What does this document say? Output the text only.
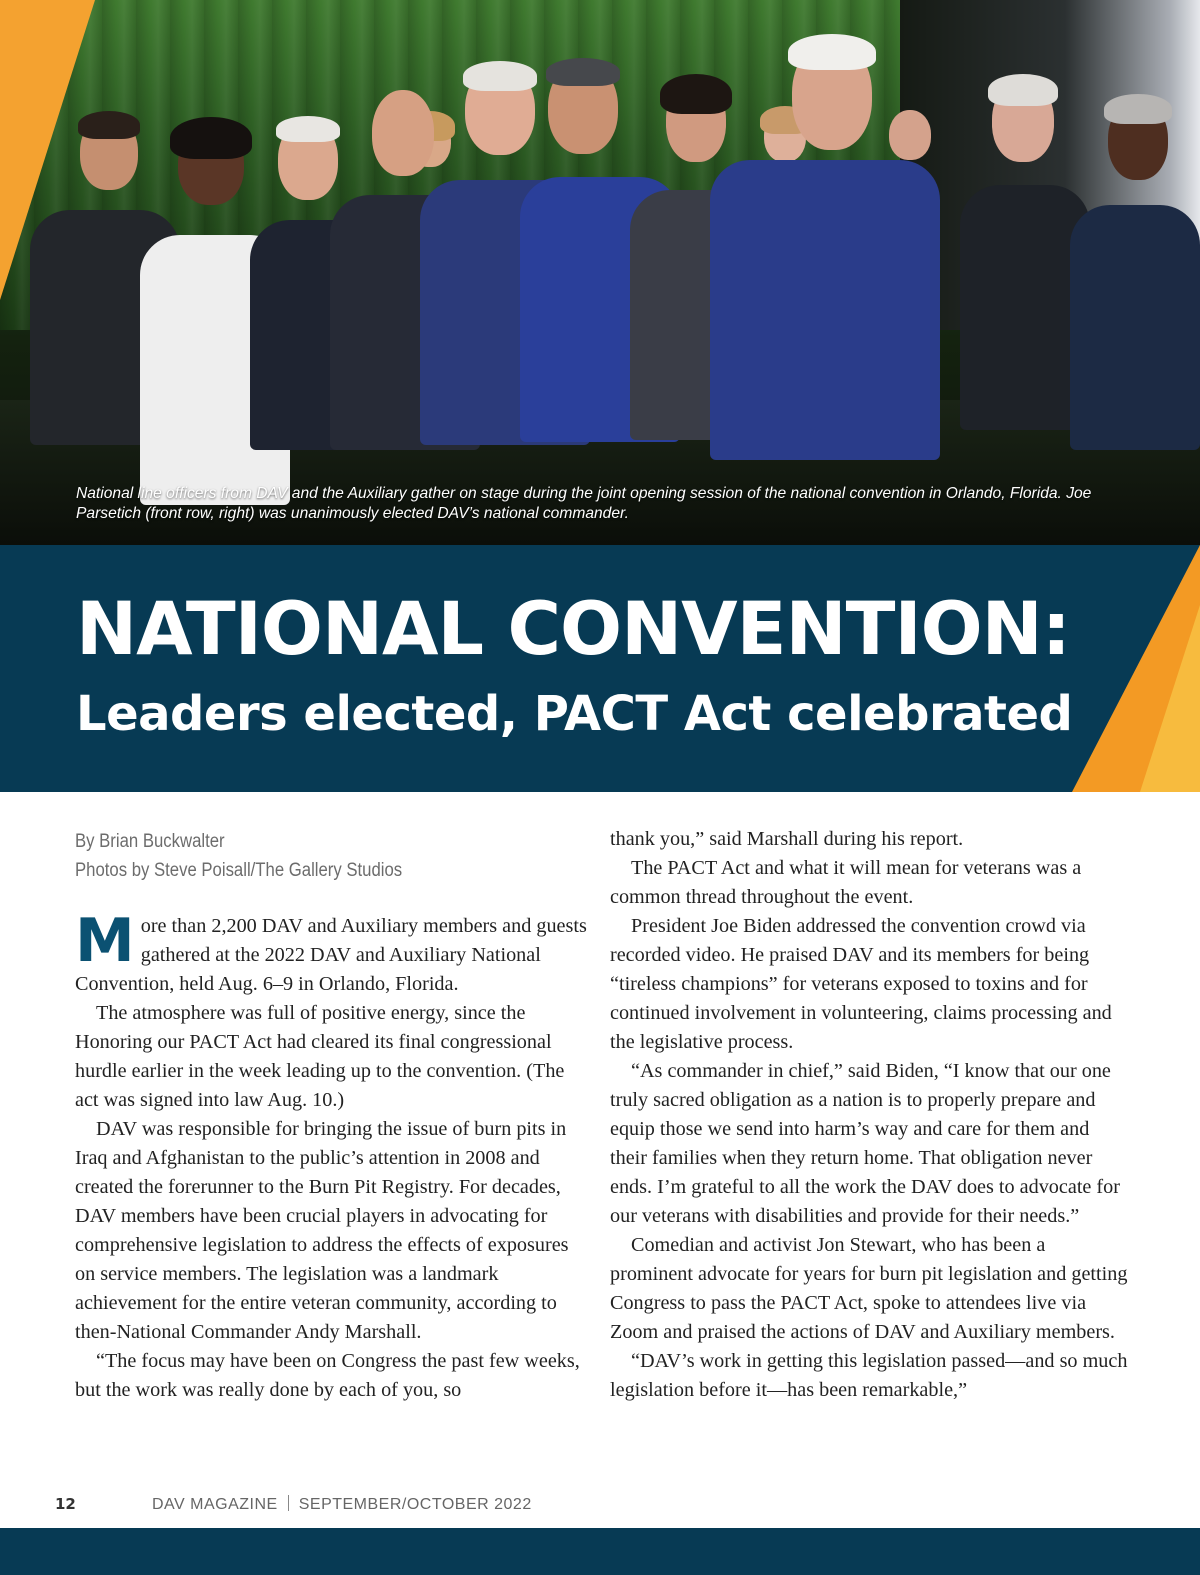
National line officers from DAV and the Auxiliary gather on stage during the joint opening session of the national convention in Orlando, Florida. Joe Parsetich (front row, right) was unanimously elected DAV’s national commander.
NATIONAL CONVENTION:
Leaders elected, PACT Act celebrated
By Brian Buckwalter
Photos by Steve Poisall/The Gallery Studios

More than 2,200 DAV and Auxiliary members and guests gathered at the 2022 DAV and Auxiliary National Convention, held Aug. 6–9 in Orlando, Florida.

The atmosphere was full of positive energy, since the Honoring our PACT Act had cleared its final congressional hurdle earlier in the week leading up to the convention. (The act was signed into law Aug. 10.)

DAV was responsible for bringing the issue of burn pits in Iraq and Afghanistan to the public’s attention in 2008 and created the forerunner to the Burn Pit Registry. For decades, DAV members have been crucial players in advocating for comprehensive legislation to address the effects of exposures on service members. The legislation was a landmark achievement for the entire veteran community, according to then-National Commander Andy Marshall.

“The focus may have been on Congress the past few weeks, but the work was really done by each of you, so

thank you,” said Marshall during his report.

The PACT Act and what it will mean for veterans was a common thread throughout the event.

President Joe Biden addressed the convention crowd via recorded video. He praised DAV and its members for being “tireless champions” for veterans exposed to toxins and for continued involvement in volunteering, claims processing and the legislative process.

“As commander in chief,” said Biden, “I know that our one truly sacred obligation as a nation is to properly prepare and equip those we send into harm’s way and care for them and their families when they return home. That obligation never ends. I’m grateful to all the work the DAV does to advocate for our veterans with disabilities and provide for their needs.”

Comedian and activist Jon Stewart, who has been a prominent advocate for years for burn pit legislation and getting Congress to pass the PACT Act, spoke to attendees live via Zoom and praised the actions of DAV and Auxiliary members.

“DAV’s work in getting this legislation passed—and so much legislation before it—has been remarkable,”

12	DAV MAGAZINE SEPTEMBER/OCTOBER 2022
